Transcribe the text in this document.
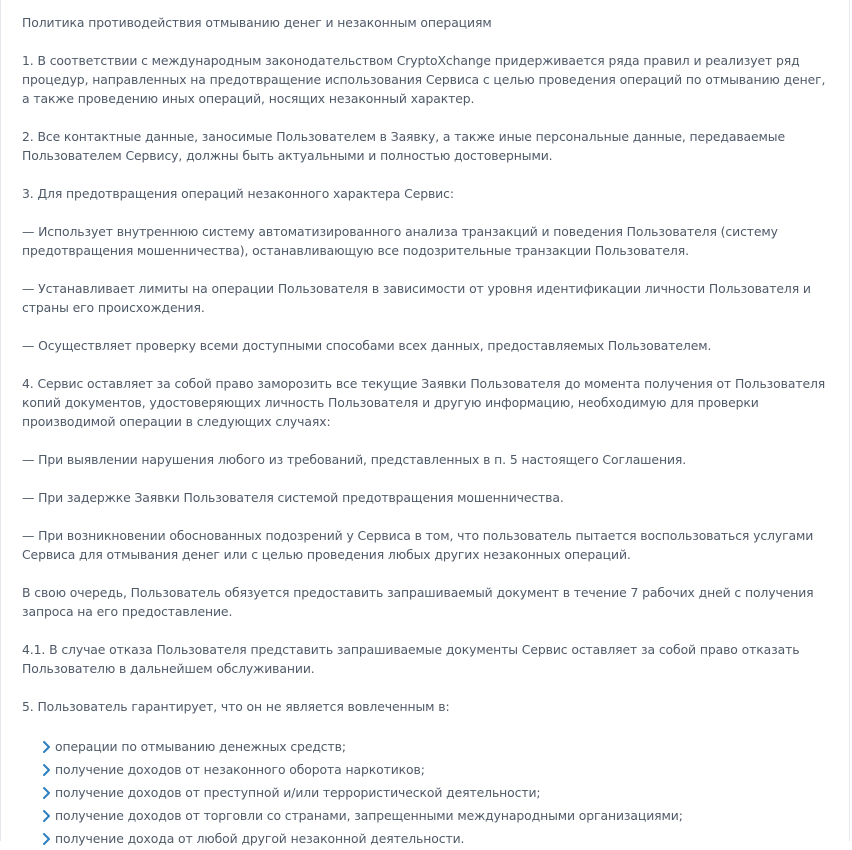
Политика противодействия отмыванию денег и незаконным операциям

1. В соответствии с международным законодательством CryptoXchange придерживается ряда правил и реализует ряд процедур, направленных на предотвращение использования Сервиса с целью проведения операций по отмыванию денег, а также проведению иных операций, носящих незаконный характер.

2. Все контактные данные, заносимые Пользователем в Заявку, а также иные персональные данные, передаваемые Пользователем Сервису, должны быть актуальными и полностью достоверными.

3. Для предотвращения операций незаконного характера Сервис:

— Использует внутреннюю систему автоматизированного анализа транзакций и поведения Пользователя (систему предотвращения мошенничества), останавливающую все подозрительные транзакции Пользователя.

— Устанавливает лимиты на операции Пользователя в зависимости от уровня идентификации личности Пользователя и страны его происхождения.

— Осуществляет проверку всеми доступными способами всех данных, предоставляемых Пользователем.

4. Сервис оставляет за собой право заморозить все текущие Заявки Пользователя до момента получения от Пользователя копий документов, удостоверяющих личность Пользователя и другую информацию, необходимую для проверки производимой операции в следующих случаях:

— При выявлении нарушения любого из требований, представленных в п. 5 настоящего Соглашения.

— При задержке Заявки Пользователя системой предотвращения мошенничества.

— При возникновении обоснованных подозрений у Сервиса в том, что пользователь пытается воспользоваться услугами Сервиса для отмывания денег или с целью проведения любых других незаконных операций.

В свою очередь, Пользователь обязуется предоставить запрашиваемый документ в течение 7 рабочих дней с получения запроса на его предоставление.

4.1. В случае отказа Пользователя представить запрашиваемые документы Сервис оставляет за собой право отказать Пользователю в дальнейшем обслуживании.

5. Пользователь гарантирует, что он не является вовлеченным в:

операции по отмыванию денежных средств;
получение доходов от незаконного оборота наркотиков;
получение доходов от преступной и/или террористической деятельности;
получение доходов от торговли со странами, запрещенными международными организациями;
получение дохода от любой другой незаконной деятельности.
